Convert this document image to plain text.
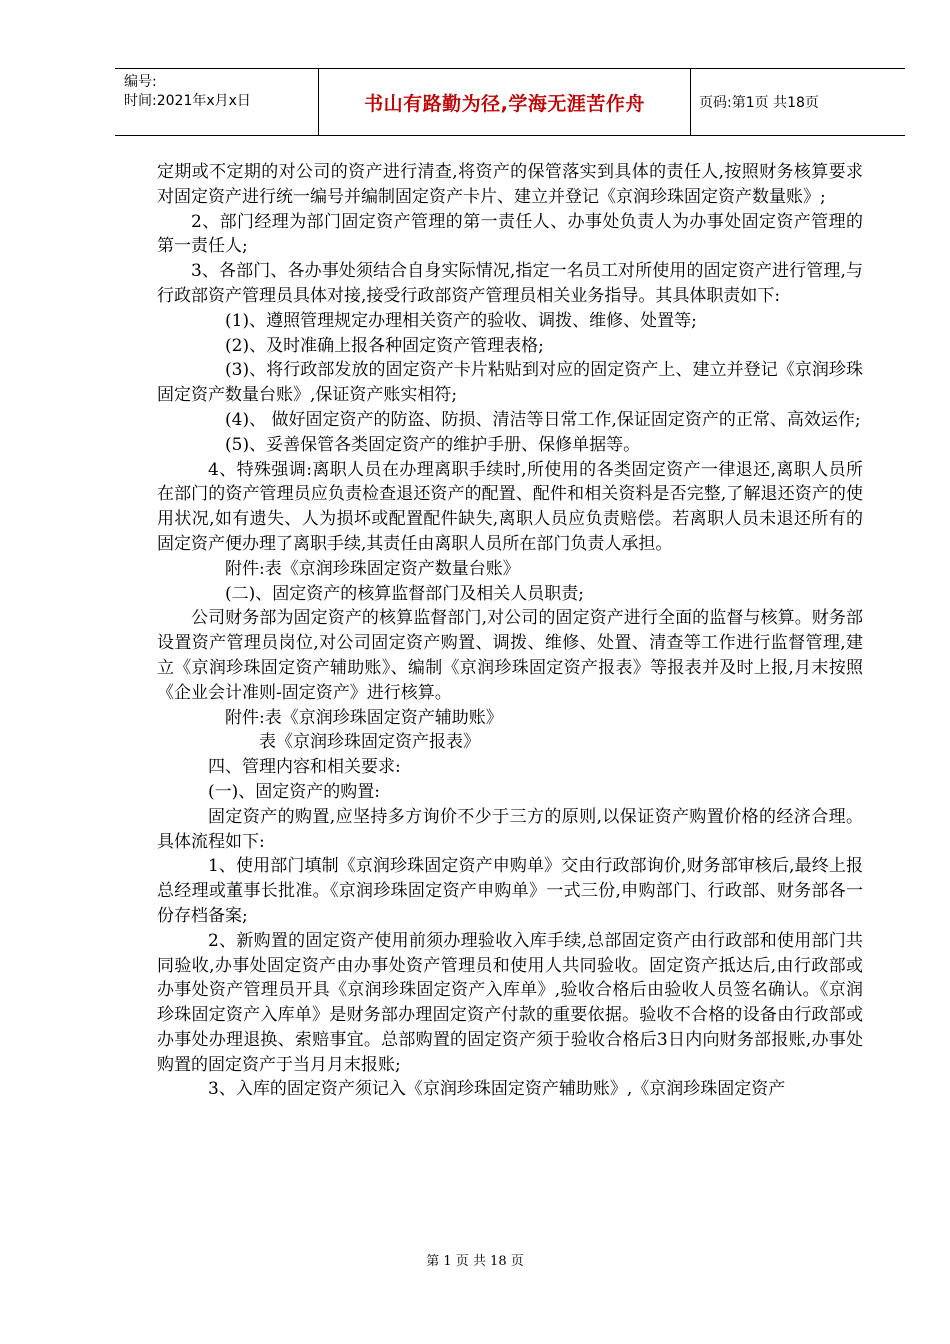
编号:
时间:2021年x月x日	书山有路勤为径,学海无涯苦作舟	页码:第1页 共18页

定期或不定期的对公司的资产进行清查,将资产的保管落实到具体的责任人,按照财务核算要求对固定资产进行统一编号并编制固定资产卡片、建立并登记《京润珍珠固定资产数量账》;

2、部门经理为部门固定资产管理的第一责任人、办事处负责人为办事处固定资产管理的第一责任人;

3、各部门、各办事处须结合自身实际情况,指定一名员工对所使用的固定资产进行管理,与行政部资产管理员具体对接,接受行政部资产管理员相关业务指导。其具体职责如下:

(1)、遵照管理规定办理相关资产的验收、调拨、维修、处置等;

(2)、及时准确上报各种固定资产管理表格;

(3)、将行政部发放的固定资产卡片粘贴到对应的固定资产上、建立并登记《京润珍珠固定资产数量台账》,保证资产账实相符;

(4)、 做好固定资产的防盗、防损、清洁等日常工作,保证固定资产的正常、高效运作;

(5)、妥善保管各类固定资产的维护手册、保修单据等。

4、特殊强调:离职人员在办理离职手续时,所使用的各类固定资产一律退还,离职人员所在部门的资产管理员应负责检查退还资产的配置、配件和相关资料是否完整,了解退还资产的使用状况,如有遗失、人为损坏或配置配件缺失,离职人员应负责赔偿。若离职人员未退还所有的固定资产便办理了离职手续,其责任由离职人员所在部门负责人承担。

附件:表《京润珍珠固定资产数量台账》

(二)、固定资产的核算监督部门及相关人员职责;

公司财务部为固定资产的核算监督部门,对公司的固定资产进行全面的监督与核算。财务部设置资产管理员岗位,对公司固定资产购置、调拨、维修、处置、清查等工作进行监督管理,建立《京润珍珠固定资产辅助账》、编制《京润珍珠固定资产报表》等报表并及时上报,月末按照《企业会计准则-固定资产》进行核算。

附件:表《京润珍珠固定资产辅助账》

表《京润珍珠固定资产报表》

四、管理内容和相关要求:

(一)、固定资产的购置:

固定资产的购置,应坚持多方询价不少于三方的原则,以保证资产购置价格的经济合理。具体流程如下:

1、使用部门填制《京润珍珠固定资产申购单》交由行政部询价,财务部审核后,最终上报总经理或董事长批准。《京润珍珠固定资产申购单》一式三份,申购部门、行政部、财务部各一份存档备案;

2、新购置的固定资产使用前须办理验收入库手续,总部固定资产由行政部和使用部门共同验收,办事处固定资产由办事处资产管理员和使用人共同验收。固定资产抵达后,由行政部或办事处资产管理员开具《京润珍珠固定资产入库单》,验收合格后由验收人员签名确认。《京润珍珠固定资产入库单》是财务部办理固定资产付款的重要依据。验收不合格的设备由行政部或办事处办理退换、索赔事宜。总部购置的固定资产须于验收合格后3日内向财务部报账,办事处购置的固定资产于当月月末报账;

3、入库的固定资产须记入《京润珍珠固定资产辅助账》,《京润珍珠固定资产

第 1 页 共 18 页
